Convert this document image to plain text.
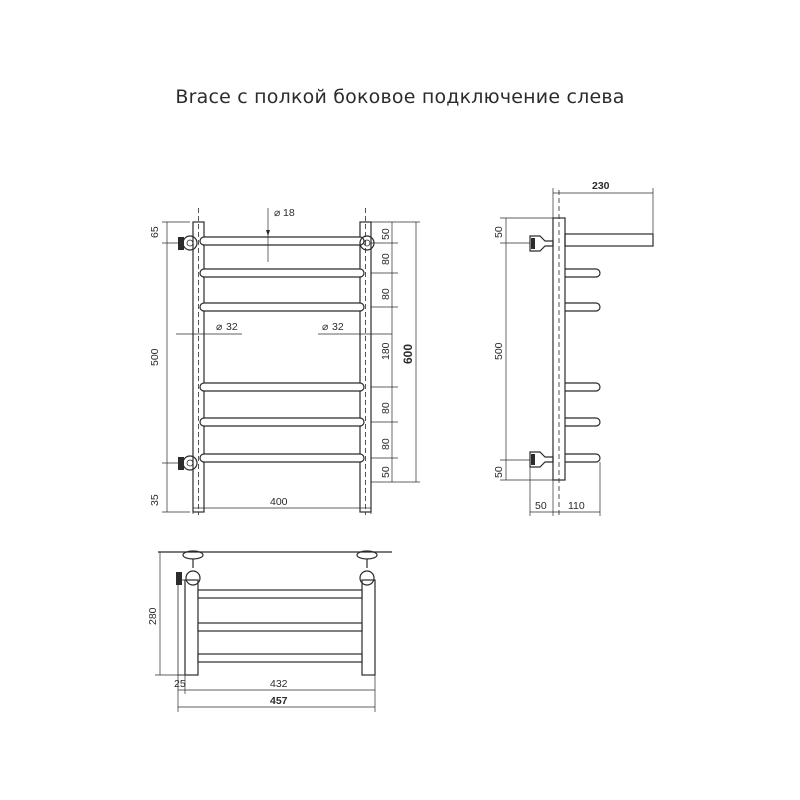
Brace с полкой боковое подключение слева
⌀ 18
⌀ 32	⌀ 32
65
500
35	400
50
80
80
180
80
80
50
600
230
50
500
50
50 110
280
25	432
457
